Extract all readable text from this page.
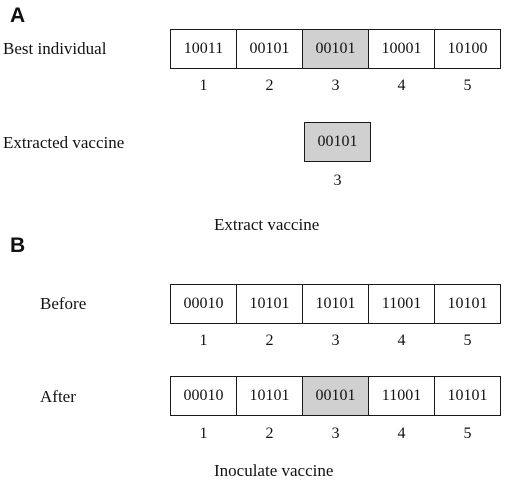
A
Best individual	10011	00101	00101	10001	10100
1	2	3	4	5
Extracted vaccine	00101
3
Extract vaccine
B
Before	00010	10101	10101	11001	10101
1	2	3	4	5
After	00010	10101	00101	11001	10101
1	2	3	4	5
Inoculate vaccine
